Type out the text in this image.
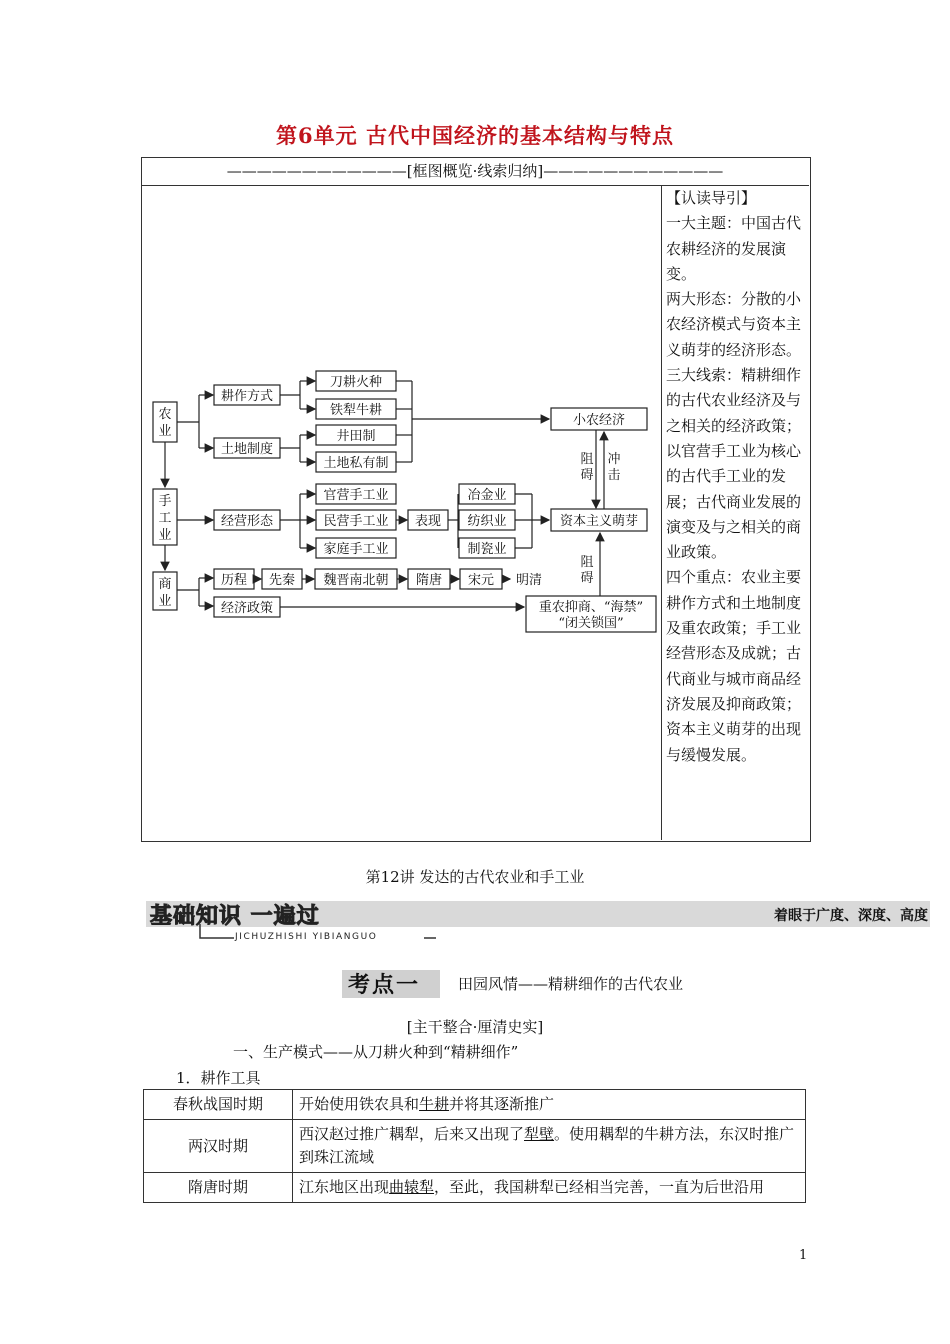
第6单元 古代中国经济的基本结构与特点
————————————[框图概览·线索归纳]————————————

【认读导引】

一大主题：中国古代农耕经济的发展演变。

两大形态：分散的小农经济模式与资本主义萌芽的经济形态。

三大线索：精耕细作的古代农业经济及与之相关的经济政策；以官营手工业为核心的古代手工业的发展；古代商业发展的演变及与之相关的商业政策。

四个重点：农业主要耕作方式和土地制度及重农政策；手工业经营形态及成就；古代商业与城市商品经济发展及抑商政策；资本主义萌芽的出现与缓慢发展。

农
业
手
工
业
商
业
耕作方式
土地制度
刀耕火种
铁犁牛耕
井田制
土地私有制
小农经济
阻
碍
冲
击
经营形态
官营手工业
民营手工业
家庭手工业
表现
冶金业
纺织业
制瓷业
资本主义萌芽
阻
碍
历程 先秦 魏晋南北朝 隋唐 宋元 明清
经济政策	重农抑商、“海禁”
“闭关锁国”
第12讲 发达的古代农业和手工业
基础知识 一遍过	着眼于广度、深度、高度
JICHUZHISHI YIBIANGUO
考点一	田园风情——精耕细作的古代农业
[主干整合·厘清史实]
一、生产模式——从刀耕火种到“精耕细作”
1．耕作工具
春秋战国时期	开始使用铁农具和牛耕并将其逐渐推广
两汉时期	西汉赵过推广耦犁，后来又出现了犁壁。使用耦犁的牛耕方法，东汉时推广到珠江流域
隋唐时期	江东地区出现曲辕犁，至此，我国耕犁已经相当完善，一直为后世沿用
1
